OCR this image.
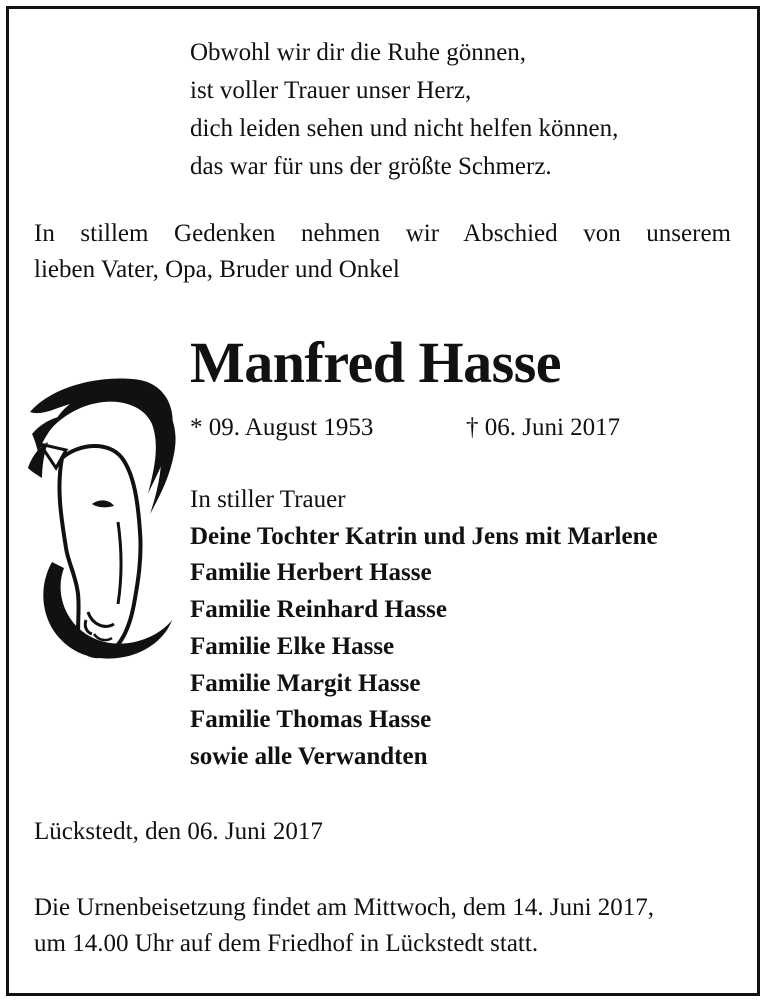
Obwohl wir dir die Ruhe gönnen,
ist voller Trauer unser Herz,
dich leiden sehen und nicht helfen können,
das war für uns der größte Schmerz.
In stillem Gedenken nehmen wir Abschied von unserem
lieben Vater, Opa, Bruder und Onkel
Manfred Hasse
* 09. August 1953	† 06. Juni 2017
In stiller Trauer
Deine Tochter Katrin und Jens mit Marlene
Familie Herbert Hasse
Familie Reinhard Hasse
Familie Elke Hasse
Familie Margit Hasse
Familie Thomas Hasse
sowie alle Verwandten
Lückstedt, den 06. Juni 2017
Die Urnenbeisetzung findet am Mittwoch, dem 14. Juni 2017,
um 14.00 Uhr auf dem Friedhof in Lückstedt statt.
